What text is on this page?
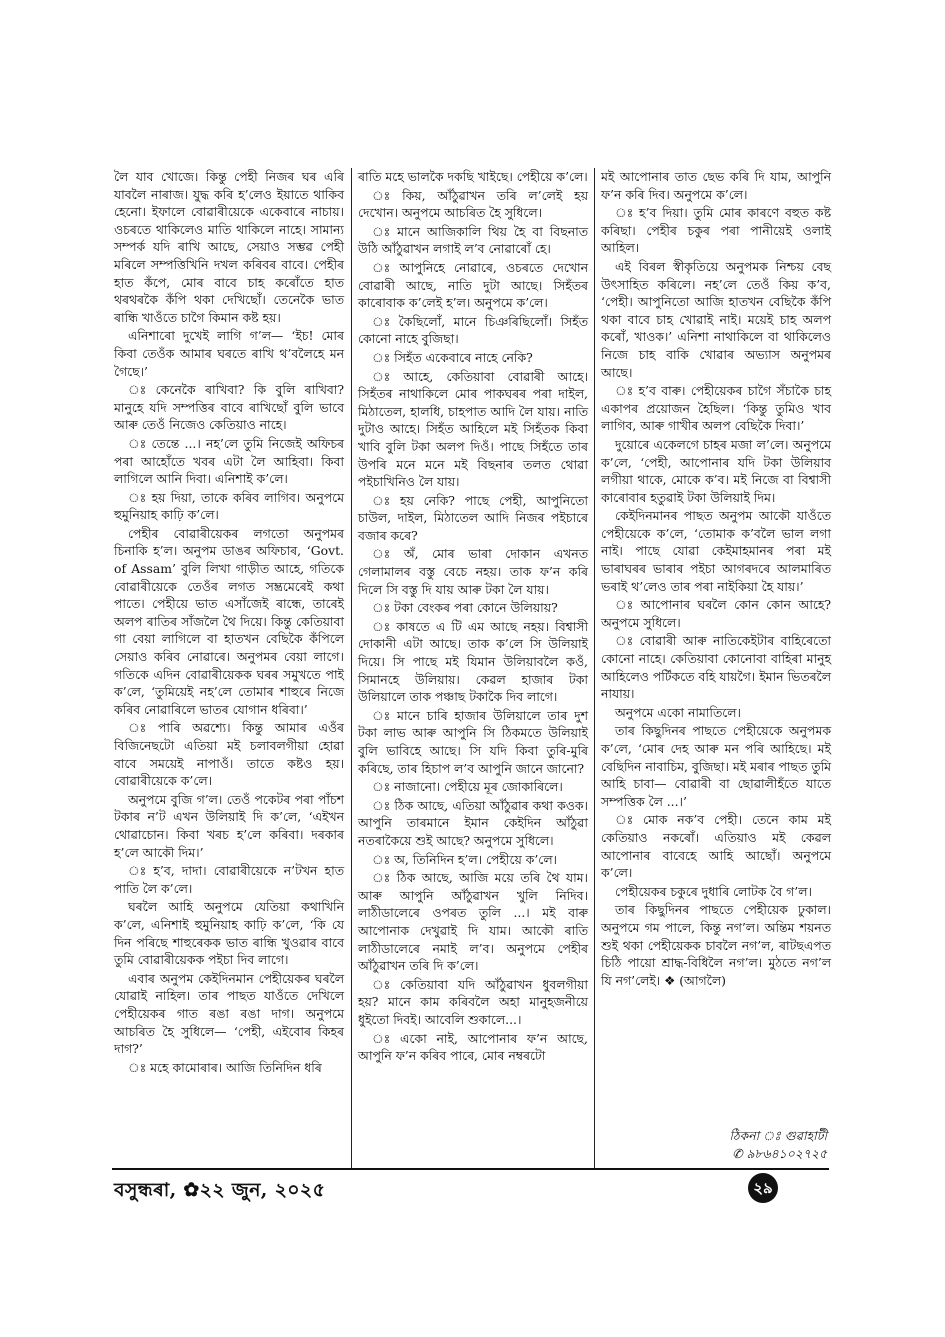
লৈ যাব খোজে। কিন্তু পেহী নিজৰ ঘৰ এৰি যাবলৈ নাৰাজ। যুদ্ধ কৰি হ’লেও ইয়াতে থাকিব হেনো। ইফালে বোৱাৰীয়েকে একেবাৰে নাচায়। ওচৰতে থাকিলেও মাতি থাকিলে নাহে। সামান্য সম্পৰ্ক যদি ৰাখি আছে, সেয়াও সম্ভৱ পেহী মৰিলে সম্পত্তিখিনি দখল কৰিবৰ বাবে। পেহীৰ হাত কঁপে, মোৰ বাবে চাহ কৰোঁতে হাত থৰথৰকৈ কঁপি থকা দেখিছোঁ। তেনেকৈ ভাত ৰান্ধি খাওঁতে চাগৈ কিমান কষ্ট হয়।

এনিশাৰো দুখেই লাগি গ’ল— ‘ইচ! মোৰ কিবা তেওঁক আমাৰ ঘৰতে ৰাখি থ’বলৈহে মন গৈছে।’

ঃ কেনেকৈ ৰাখিবা? কি বুলি ৰাখিবা? মানুহে যদি সম্পত্তিৰ বাবে ৰাখিছোঁ বুলি ভাবে আৰু তেওঁ নিজেও কেতিয়াও নাহে।

ঃ তেন্তে ...। নহ’লে তুমি নিজেই অফিচৰ পৰা আহোঁতে খবৰ এটা লৈ আহিবা। কিবা লাগিলে আনি দিবা। এনিশাই ক’লে।

ঃ হয় দিয়া, তাকে কৰিব লাগিব। অনুপমে হুমুনিয়াহ কাঢ়ি ক’লে।

পেহীৰ বোৱাৰীয়েকৰ লগতো অনুপমৰ চিনাকি হ’ল। অনুপম ডাঙৰ অফিচাৰ, ‘Govt. of Assam’ বুলি লিখা গাড়ীত আহে, গতিকে বোৱাৰীয়েকে তেওঁৰ লগত সম্ভ্ৰমেৰেই কথা পাতে। পেহীয়ে ভাত এসাঁজেই ৰান্ধে, তাৰেই অলপ ৰাতিৰ সাঁজলৈ থৈ দিয়ে। কিন্তু কেতিয়াবা গা বেয়া লাগিলে বা হাতখন বেছিকৈ কঁপিলে সেয়াও কৰিব নোৱাৰে। অনুপমৰ বেয়া লাগে। গতিকে এদিন বোৱাৰীয়েকক ঘৰৰ সমুখতে পাই ক’লে, ‘তুমিয়েই নহ’লে তোমাৰ শাহুৰে নিজে কৰিব নোৱাৰিলে ভাতৰ যোগান ধৰিবা।’

ঃ পাৰি অৱশ্যে। কিন্তু আমাৰ এওঁৰ বিজিনেছটো এতিয়া মই চলাবলগীয়া হোৱা বাবে সময়েই নাপাওঁ। তাতে কষ্টও হয়। বোৱাৰীয়েকে ক’লে।

অনুপমে বুজি গ’ল। তেওঁ পকেটৰ পৰা পাঁচশ টকাৰ ন’ট এখন উলিয়াই দি ক’লে, ‘এইখন থোৱাচোন। কিবা খৰচ হ’লে কৰিবা। দৰকাৰ হ’লে আকৌ দিম।’

ঃ হ’ব, দাদা। বোৱাৰীয়েকে ন’টখন হাত পাতি লৈ ক’লে।

ঘৰলৈ আহি অনুপমে যেতিয়া কথাখিনি ক’লে, এনিশাই হুমুনিয়াহ কাঢ়ি ক’লে, ‘কি যে দিন পৰিছে শাহুৰেকক ভাত ৰান্ধি খুওৱাৰ বাবে তুমি বোৱাৰীয়েকক পইচা দিব লাগে।

এবাৰ অনুপম কেইদিনমান পেহীয়েকৰ ঘৰলৈ যোৱাই নাহিল। তাৰ পাছত যাওঁতে দেখিলে পেহীয়েকৰ গাত ৰঙা ৰঙা দাগ। অনুপমে আচৰিত হৈ সুধিলে— ‘পেহী, এইবোৰ কিহৰ দাগ?’

ঃ মহে কামোৰাৰ। আজি তিনিদিন ধৰি

ৰাতি মহে ভালকৈ দকছি খাইছে। পেহীয়ে ক’লে।

ঃ কিয়, আঁঠুৱাখন তৰি ল’লেই হয় দেখোন। অনুপমে আচৰিত হৈ সুধিলে।

ঃ মানে আজিকালি থিয় হৈ বা বিছনাত উঠি আঁঠুৱাখন লগাই ল’ব নোৱাৰোঁ হে।

ঃ আপুনিহে নোৱাৰে, ওচৰতে দেখোন বোৱাৰী আছে, নাতি দুটা আছে। সিহঁতৰ কাৰোবাক ক’লেই হ’ল। অনুপমে ক’লে।

ঃ কৈছিলোঁ, মানে চিঞৰিছিলোঁ। সিহঁত কোনো নাহে বুজিছা।

ঃ সিহঁত একেবাৰে নাহে নেকি?

ঃ আহে, কেতিয়াবা বোৱাৰী আহে। সিহঁতৰ নাথাকিলে মোৰ পাকঘৰৰ পৰা দাইল, মিঠাতেল, হালধি, চাহপাত আদি লৈ যায়। নাতি দুটাও আহে। সিহঁত আহিলে মই সিহঁতক কিবা খাবি বুলি টকা অলপ দিওঁ। পাছে সিহঁতে তাৰ উপৰি মনে মনে মই বিছনাৰ তলত থোৱা পইচাখিনিও লৈ যায়।

ঃ হয় নেকি? পাছে পেহী, আপুনিতো চাউল, দাইল, মিঠাতেল আদি নিজৰ পইচাৰে বজাৰ কৰে?

ঃ অঁ, মোৰ ভাৰা দোকান এখনত গেলামালৰ বস্তু বেচে নহয়। তাক ফ’ন কৰি দিলে সি বস্তু দি যায় আৰু টকা লৈ যায়।

ঃ টকা বেংকৰ পৰা কোনে উলিয়ায়?

ঃ কাষতে এ টি এম আছে নহয়। বিশ্বাসী দোকানী এটা আছে। তাক ক’লে সি উলিয়াই দিয়ে। সি পাছে মই যিমান উলিয়াবলৈ কওঁ, সিমানহে উলিয়ায়। কেৱল হাজাৰ টকা উলিয়ালে তাক পঞ্চাছ টকাকৈ দিব লাগে।

ঃ মানে চাৰি হাজাৰ উলিয়ালে তাৰ দুশ টকা লাভ আৰু আপুনি সি ঠিকমতে উলিয়াই বুলি ভাবিহে আছে। সি যদি কিবা তুৰি-মুৰি কৰিছে, তাৰ হিচাপ ল’ব আপুনি জানে জানো?

ঃ নাজানো। পেহীয়ে মূৰ জোকাৰিলে।

ঃ ঠিক আছে, এতিয়া আঁঠুৱাৰ কথা কওক। আপুনি তাৰমানে ইমান কেইদিন আঁঠুৱা নতৰাকৈয়ে শুই আছে? অনুপমে সুধিলে।

ঃ অ, তিনিদিন হ’ল। পেহীয়ে ক’লে।

ঃ ঠিক আছে, আজি ময়ে তৰি থৈ যাম। আৰু আপুনি আঁঠুৱাখন খুলি নিদিব। লাঠীডালেৰে ওপৰত তুলি ...। মই বাৰু আপোনাক দেখুৱাই দি যাম। আকৌ ৰাতি লাঠীডালেৰে নমাই ল’ব। অনুপমে পেহীৰ আঁঠুৱাখন তৰি দি ক’লে।

ঃ কেতিয়াবা যদি আঁঠুৱাখন ধুবলগীয়া হয়? মানে কাম কৰিবলৈ অহা মানুহজনীয়ে ধুইতো দিবই। আবেলি শুকালে...।

ঃ একো নাই, আপোনাৰ ফ’ন আছে, আপুনি ফ’ন কৰিব পাৰে, মোৰ নম্বৰটো

মই আপোনাৰ তাত ছেভ কৰি দি যাম, আপুনি ফ’ন কৰি দিব। অনুপমে ক’লে।

ঃ হ’ব দিয়া। তুমি মোৰ কাৰণে বহুত কষ্ট কৰিছা। পেহীৰ চকুৰ পৰা পানীয়েই ওলাই আহিল।

এই বিৰল স্বীকৃতিয়ে অনুপমক নিশ্চয় বেছ উৎসাহিত কৰিলে। নহ’লে তেওঁ কিয় ক’ব, ‘পেহী। আপুনিতো আজি হাতখন বেছিকৈ কঁপি থকা বাবে চাহ খোৱাই নাই। ময়েই চাহ অলপ কৰোঁ, খাওক।’ এনিশা নাথাকিলে বা থাকিলেও নিজে চাহ বাকি খোৱাৰ অভ্যাস অনুপমৰ আছে।

ঃ হ’ব বাৰু। পেহীয়েকৰ চাগৈ সঁচাকৈ চাহ একাপৰ প্ৰয়োজন হৈছিল। ‘কিন্তু তুমিও খাব লাগিব, আৰু গাখীৰ অলপ বেছিকৈ দিবা।’

দুয়োৰে একেলগে চাহৰ মজা ল’লে। অনুপমে ক’লে, ‘পেহী, আপোনাৰ যদি টকা উলিয়াব লগীয়া থাকে, মোকে ক’ব। মই নিজে বা বিশ্বাসী কাৰোবাৰ হতুৱাই টকা উলিয়াই দিম।

কেইদিনমানৰ পাছত অনুপম আকৌ যাওঁতে পেহীয়েকে ক’লে, ‘তোমাক ক’বলৈ ভাল লগা নাই। পাছে যোৱা কেইমাহমানৰ পৰা মই ভাৰাঘৰৰ ভাৰাৰ পইচা আগৰদৰে আলমাৰিত ভৰাই থ’লেও তাৰ পৰা নাইকিয়া হৈ যায়।’

ঃ আপোনাৰ ঘৰলৈ কোন কোন আহে? অনুপমে সুধিলে।

ঃ বোৱাৰী আৰু নাতিকেইটাৰ বাহিৰেতো কোনো নাহে। কেতিয়াবা কোনোবা বাহিৰা মানুহ আহিলেও পৰ্টিকতে বহি যায়গৈ। ইমান ভিতৰলৈ নাযায়।

অনুপমে একো নামাতিলে।

তাৰ কিছুদিনৰ পাছতে পেহীয়েকে অনুপমক ক’লে, ‘মোৰ দেহ আৰু মন পৰি আহিছে। মই বেছিদিন নাবাচিম, বুজিছা। মই মৰাৰ পাছত তুমি আহি চাবা— বোৱাৰী বা ছোৱালীহঁতে যাতে সম্পত্তিক লৈ ...।’

ঃ মোক নক’ব পেহী। তেনে কাম মই কেতিয়াও নকৰোঁ। এতিয়াও মই কেৱল আপোনাৰ বাবেহে আহি আছোঁ। অনুপমে ক’লে।

পেহীয়েকৰ চকুৰে দুধাৰি লোটক বৈ গ’ল।

তাৰ কিছুদিনৰ পাছতে পেহীয়েক ঢুকাল। অনুপমে গম পালে, কিন্তু নগ’ল। অন্তিম শয়নত শুই থকা পেহীয়েকক চাবলৈ নগ’ল, ৰাটছএপত চিঠি পায়ো শ্ৰাদ্ধ-বিধিলৈ নগ’ল। মুঠতে নগ’ল যি নগ’লেই। ❖ (আগলৈ)

ঠিকনা ঃ গুৱাহাটী
✆ ৯৮৬৪১০২৭২৫
বসুন্ধৰা, ✿২২ জুন, ২০২৫	২৯
